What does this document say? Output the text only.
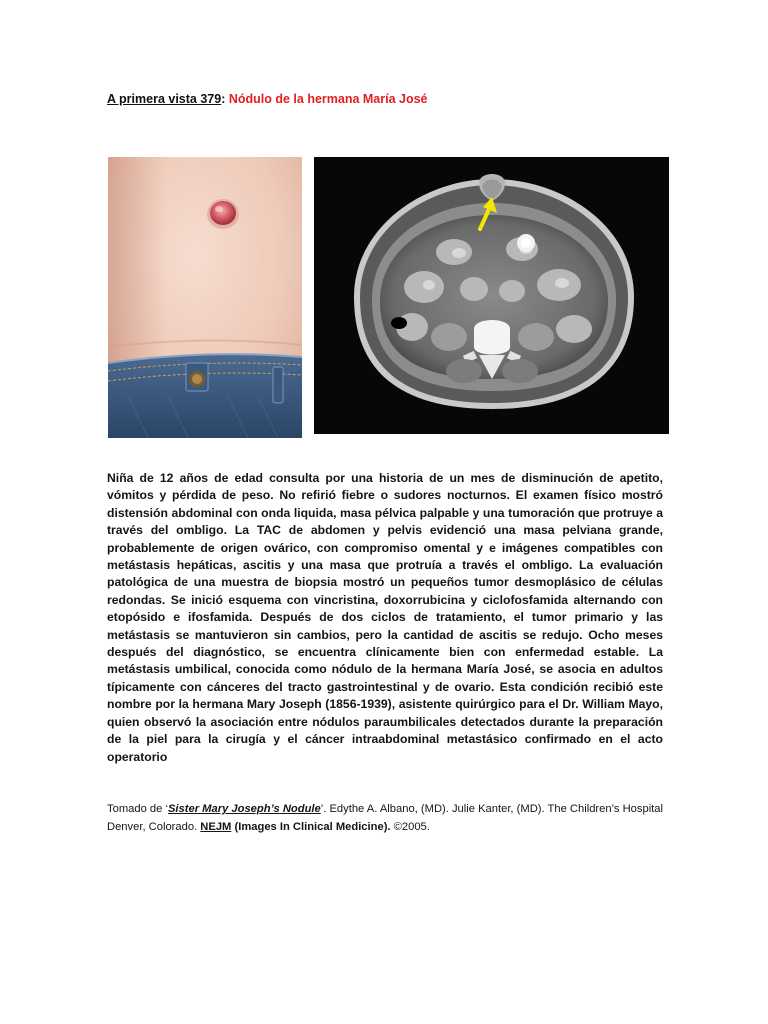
A primera vista 379: Nódulo de la hermana María José
Niña de 12 años de edad consulta por una historia de un mes de disminución de apetito, vómitos y pérdida de peso. No refirió fiebre o sudores nocturnos. El examen físico mostró distensión abdominal con onda liquida, masa pélvica palpable y una tumoración que protruye a través del ombligo. La TAC de abdomen y pelvis evidenció una masa pelviana grande, probablemente de origen ovárico, con compromiso omental y e imágenes compatibles con metástasis hepáticas, ascitis y una masa que protruía a través el ombligo. La evaluación patológica de una muestra de biopsia mostró un pequeños tumor desmoplásico de células redondas. Se inició esquema con vincristina, doxorrubicina y ciclofosfamida alternando con etopósido e ifosfamida. Después de dos ciclos de tratamiento, el tumor primario y las metástasis se mantuvieron sin cambios, pero la cantidad de ascitis se redujo. Ocho meses después del diagnóstico, se encuentra clínicamente bien con enfermedad estable. La metástasis umbilical, conocida como nódulo de la hermana María José, se asocia en adultos típicamente con cánceres del tracto gastrointestinal y de ovario. Esta condición recibió este nombre por la hermana Mary Joseph (1856-1939), asistente quirúrgico para el Dr. William Mayo, quien observó la asociación entre nódulos paraumbilicales detectados durante la preparación de la piel para la cirugía y el cáncer intraabdominal metastásico confirmado en el acto operatorio
Tomado de ‘Sister Mary Joseph’s Nodule’. Edythe A. Albano, (MD). Julie Kanter, (MD). The Children’s Hospital Denver, Colorado. NEJM (Images In Clinical Medicine). ©2005.
